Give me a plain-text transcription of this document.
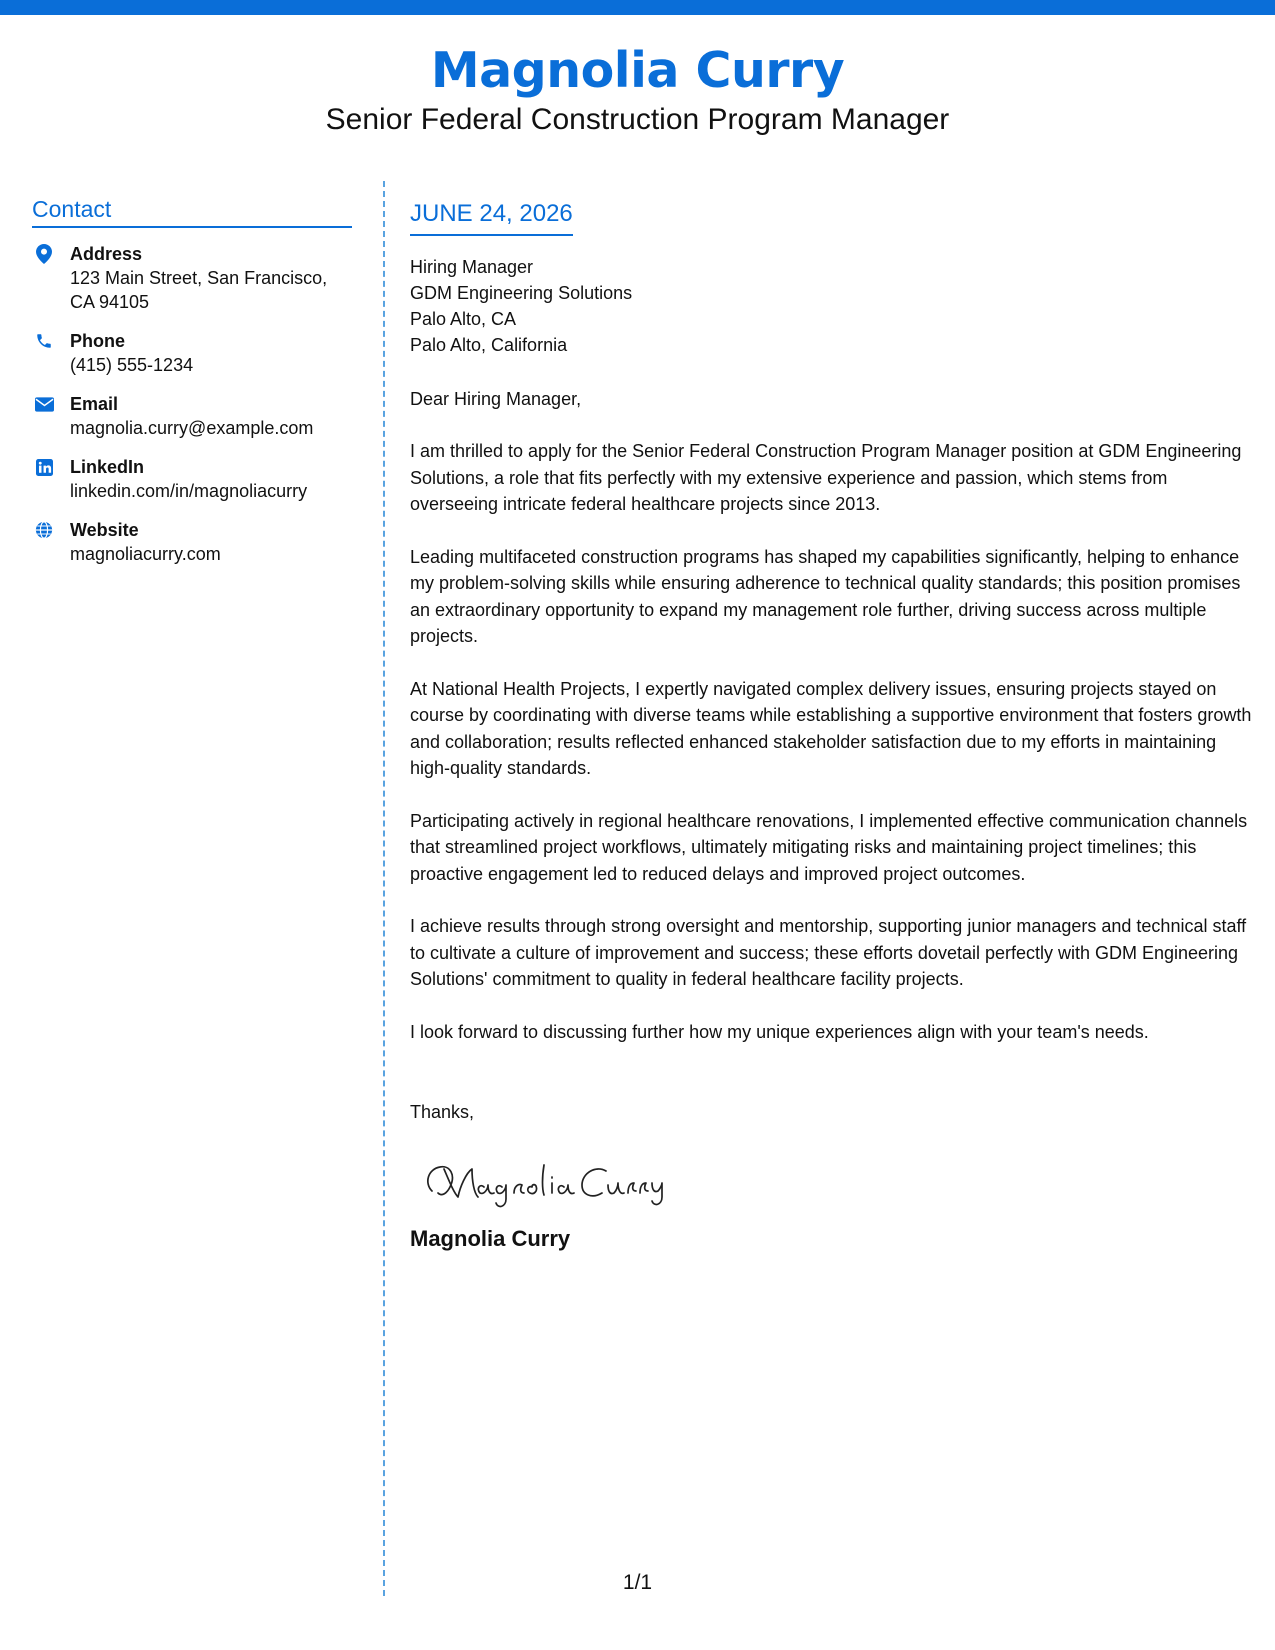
Magnolia Curry
Senior Federal Construction Program Manager
Contact
Address
123 Main Street, San Francisco, CA 94105
Phone
(415) 555-1234
Email
magnolia.curry@example.com
LinkedIn
linkedin.com/in/magnoliacurry
Website
magnoliacurry.com
JUNE 24, 2026
Hiring Manager
GDM Engineering Solutions
Palo Alto, CA
Palo Alto, California
Dear Hiring Manager,
I am thrilled to apply for the Senior Federal Construction Program Manager position at GDM Engineering Solutions, a role that fits perfectly with my extensive experience and passion, which stems from overseeing intricate federal healthcare projects since 2013.
Leading multifaceted construction programs has shaped my capabilities significantly, helping to enhance my problem-solving skills while ensuring adherence to technical quality standards; this position promises an extraordinary opportunity to expand my management role further, driving success across multiple projects.
At National Health Projects, I expertly navigated complex delivery issues, ensuring projects stayed on course by coordinating with diverse teams while establishing a supportive environment that fosters growth and collaboration; results reflected enhanced stakeholder satisfaction due to my efforts in maintaining high-quality standards.
Participating actively in regional healthcare renovations, I implemented effective communication channels that streamlined project workflows, ultimately mitigating risks and maintaining project timelines; this proactive engagement led to reduced delays and improved project outcomes.
I achieve results through strong oversight and mentorship, supporting junior managers and technical staff to cultivate a culture of improvement and success; these efforts dovetail perfectly with GDM Engineering Solutions' commitment to quality in federal healthcare facility projects.
I look forward to discussing further how my unique experiences align with your team's needs.
Thanks,
Magnolia Curry
1/1
